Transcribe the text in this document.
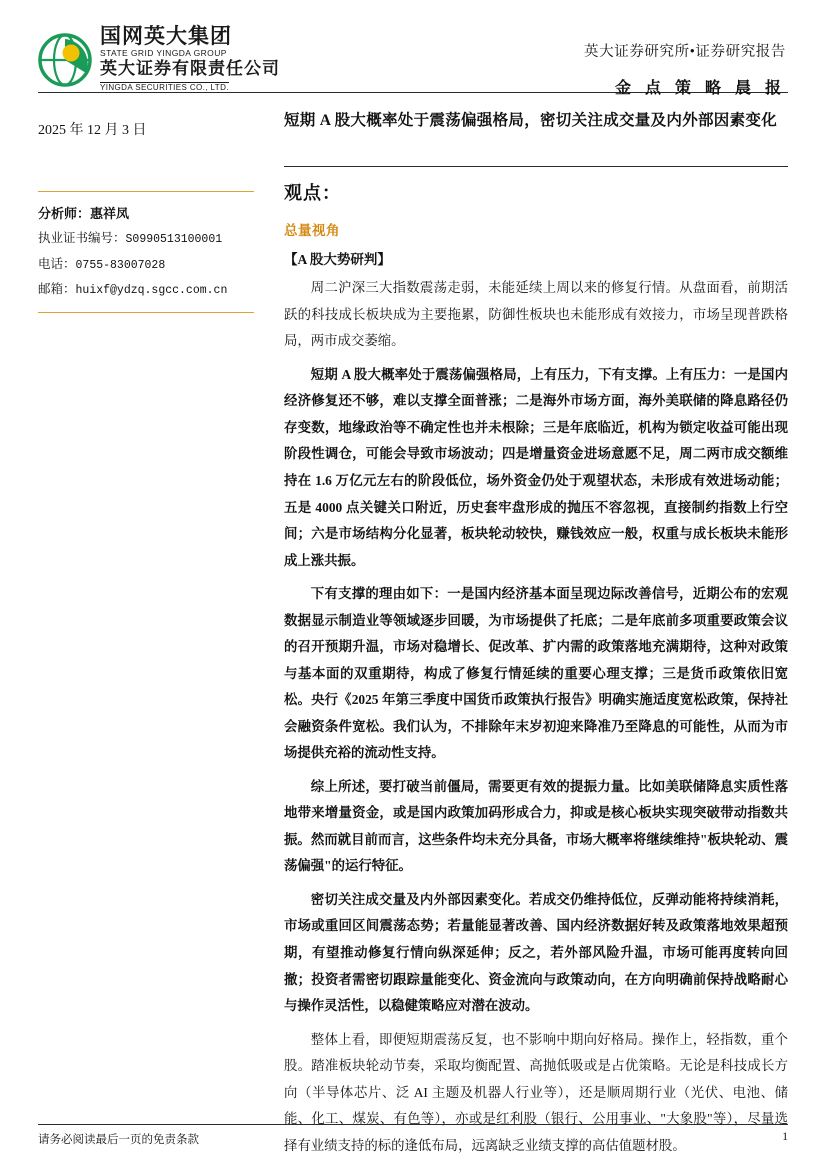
国网英大集团
STATE GRID YINGDA GROUP
英大证券有限责任公司
YINGDA SECURITIES CO., LTD.
英大证券研究所•证券研究报告
金 点 策 略 晨 报
2025 年 12 月 3 日
分析师：惠祥凤
执业证书编号：S0990513100001
电话：0755-83007028
邮箱：huixf@ydzq.sgcc.com.cn
短期 A 股大概率处于震荡偏强格局，密切关注成交量及内外部因素变化
观点：
总量视角
【A 股大势研判】

周二沪深三大指数震荡走弱，未能延续上周以来的修复行情。从盘面看，前期活跃的科技成长板块成为主要拖累，防御性板块也未能形成有效接力，市场呈现普跌格局，两市成交萎缩。

短期 A 股大概率处于震荡偏强格局，上有压力，下有支撑。上有压力：一是国内经济修复还不够，难以支撑全面普涨；二是海外市场方面，海外美联储的降息路径仍存变数，地缘政治等不确定性也并未根除；三是年底临近，机构为锁定收益可能出现阶段性调仓，可能会导致市场波动；四是增量资金进场意愿不足，周二两市成交额维持在 1.6 万亿元左右的阶段低位，场外资金仍处于观望状态，未形成有效进场动能；五是 4000 点关键关口附近，历史套牢盘形成的抛压不容忽视，直接制约指数上行空间；六是市场结构分化显著，板块轮动较快，赚钱效应一般，权重与成长板块未能形成上涨共振。

下有支撑的理由如下：一是国内经济基本面呈现边际改善信号，近期公布的宏观数据显示制造业等领域逐步回暖，为市场提供了托底；二是年底前多项重要政策会议的召开预期升温，市场对稳增长、促改革、扩内需的政策落地充满期待，这种对政策与基本面的双重期待，构成了修复行情延续的重要心理支撑；三是货币政策依旧宽松。央行《2025 年第三季度中国货币政策执行报告》明确实施适度宽松政策，保持社会融资条件宽松。我们认为，不排除年末岁初迎来降准乃至降息的可能性，从而为市场提供充裕的流动性支持。

综上所述，要打破当前僵局，需要更有效的提振力量。比如美联储降息实质性落地带来增量资金，或是国内政策加码形成合力，抑或是核心板块实现突破带动指数共振。然而就目前而言，这些条件均未充分具备，市场大概率将继续维持"板块轮动、震荡偏强"的运行特征。

密切关注成交量及内外部因素变化。若成交仍维持低位，反弹动能将持续消耗，市场或重回区间震荡态势；若量能显著改善、国内经济数据好转及政策落地效果超预期，有望推动修复行情向纵深延伸；反之，若外部风险升温，市场可能再度转向回撤；投资者需密切跟踪量能变化、资金流向与政策动向，在方向明确前保持战略耐心与操作灵活性，以稳健策略应对潜在波动。

整体上看，即便短期震荡反复，也不影响中期向好格局。操作上，轻指数，重个股。踏准板块轮动节奏，采取均衡配置、高抛低吸或是占优策略。无论是科技成长方向（半导体芯片、泛 AI 主题及机器人行业等），还是顺周期行业（光伏、电池、储能、化工、煤炭、有色等），亦或是红利股（银行、公用事业、"大象股"等），尽量选择有业绩支持的标的逢低布局，远离缺乏业绩支撑的高估值题材股。

请务必阅读最后一页的免责条款	1
